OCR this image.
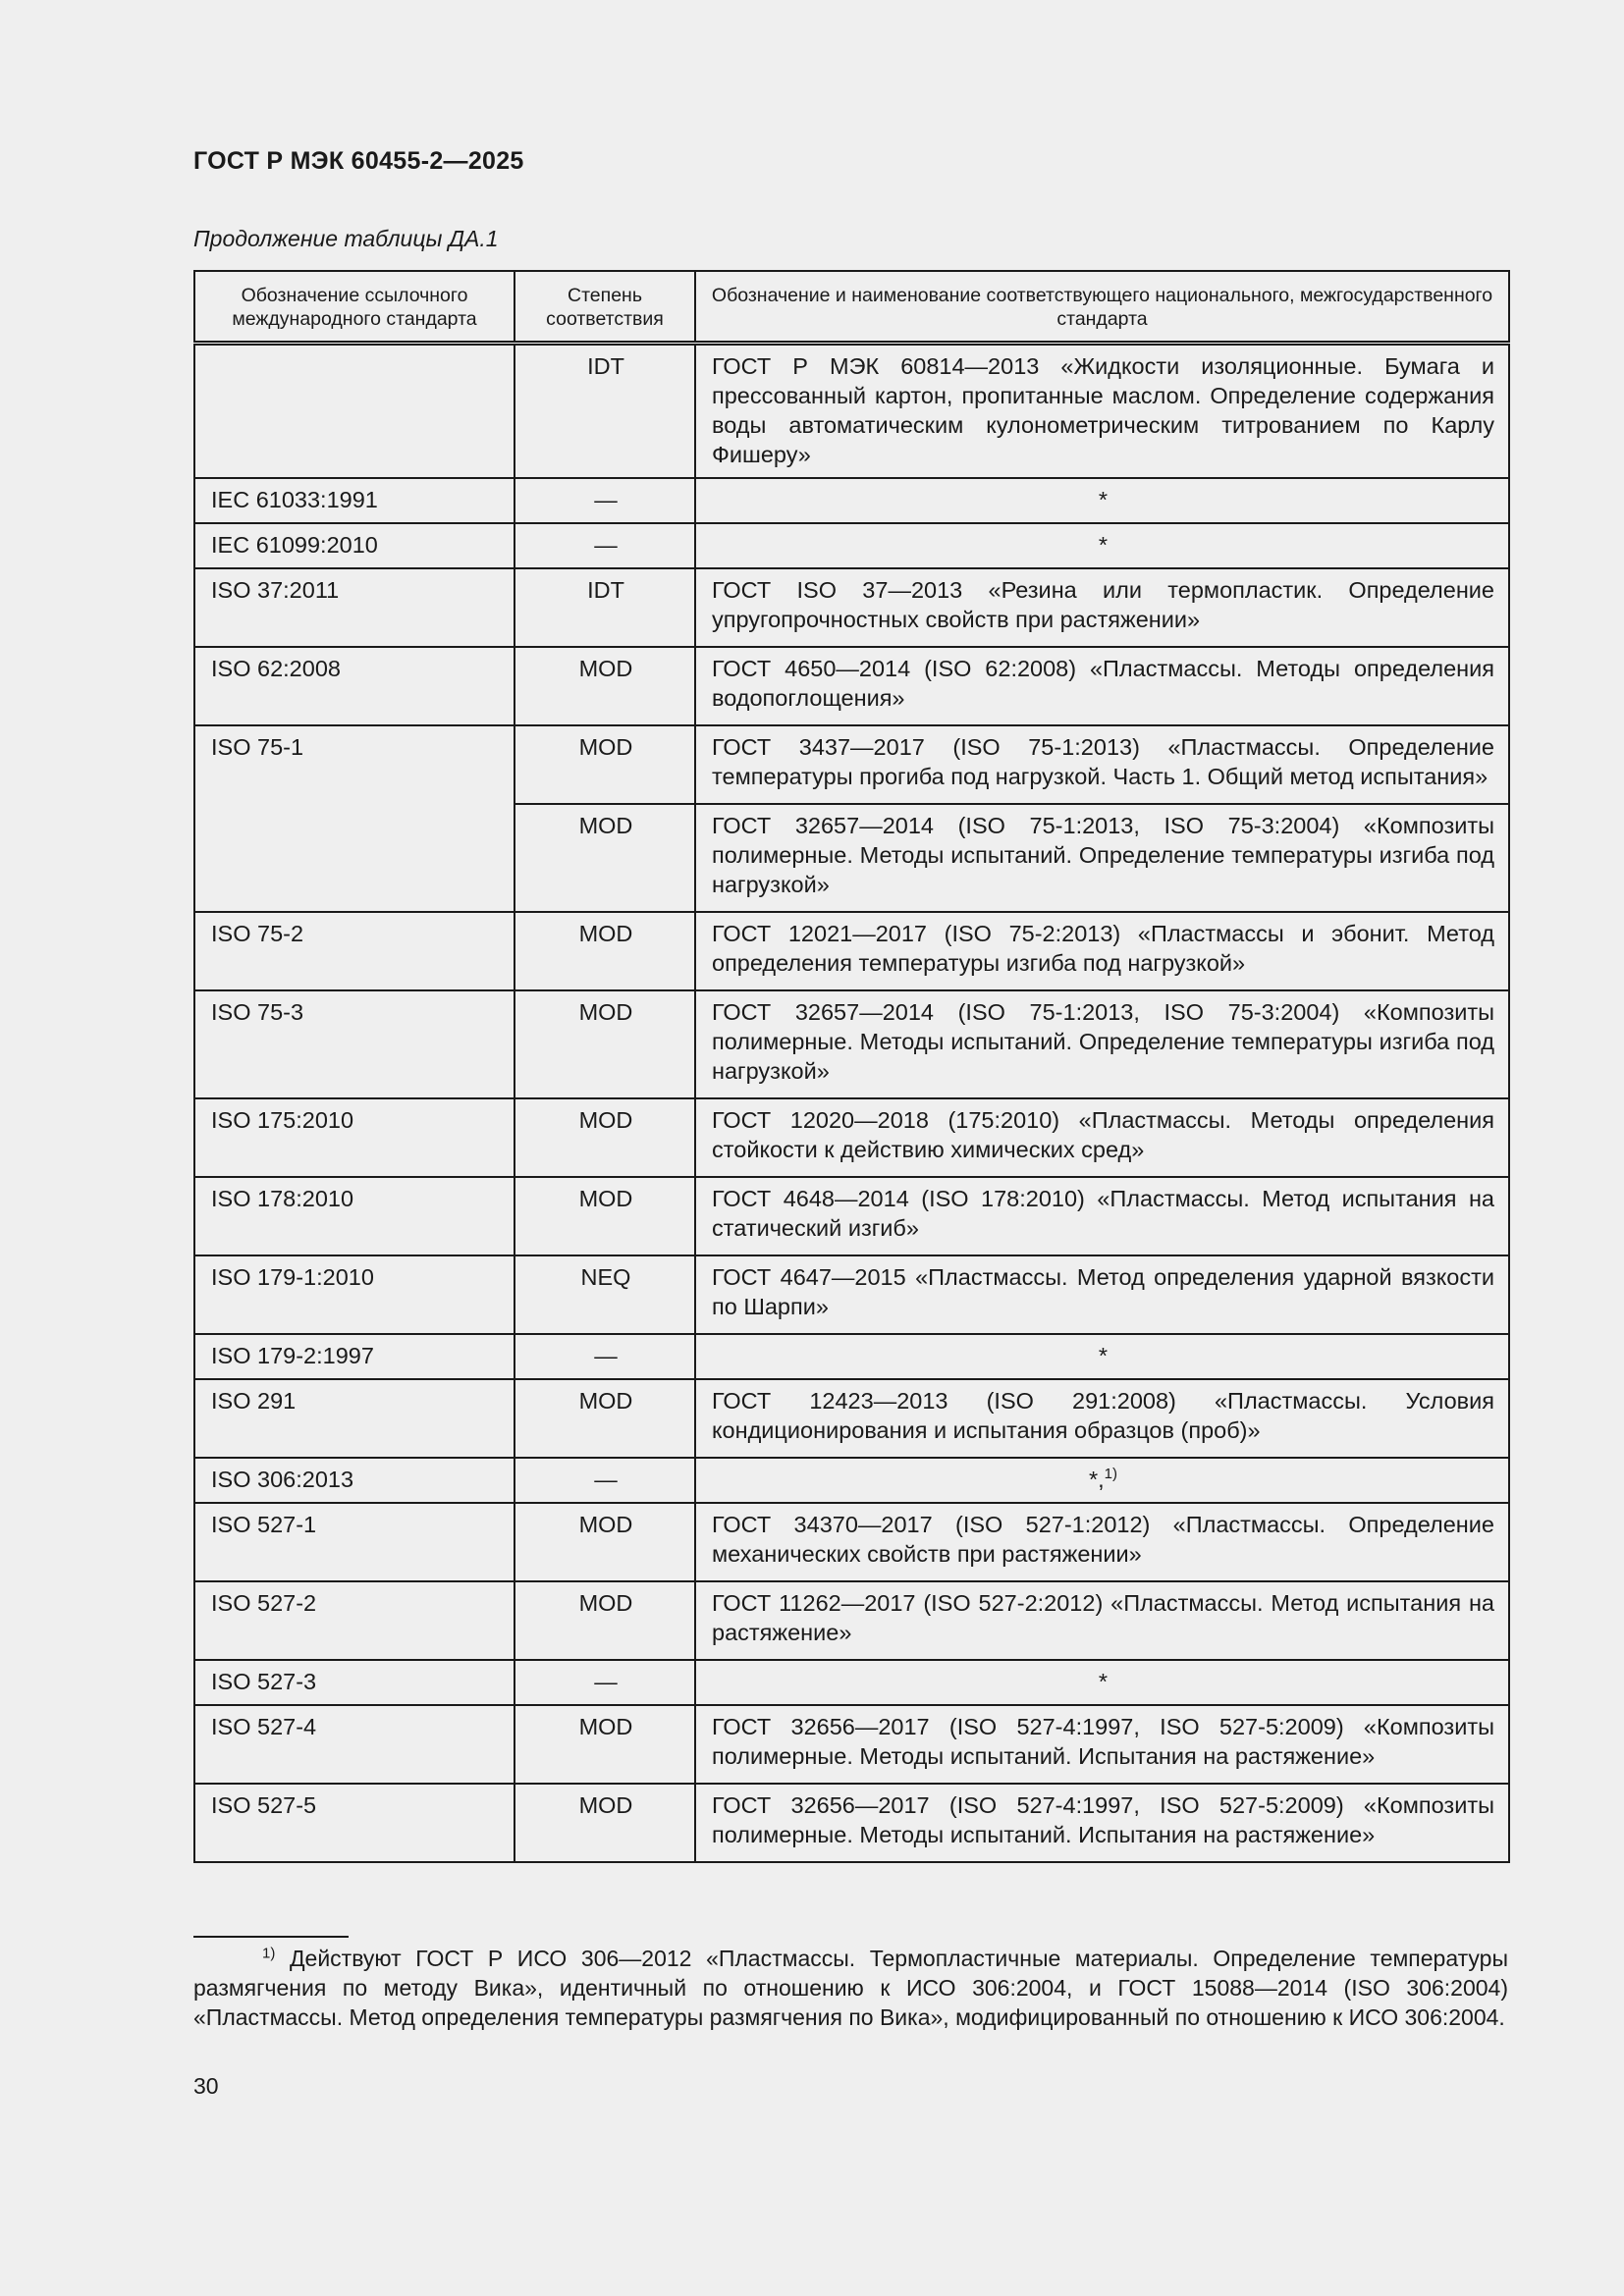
ГОСТ Р МЭК 60455-2—2025
Продолжение таблицы ДА.1
Обозначение ссылочного международного стандарта	Степень соответствия	Обозначение и наименование соответствующего национального, межгосударственного стандарта
	IDT	ГОСТ Р МЭК 60814—2013 «Жидкости изоляционные. Бумага и прессованный картон, пропитанные маслом. Определение содержания воды автоматическим кулонометрическим титрованием по Карлу Фишеру»
IEC 61033:1991	—	*
IEC 61099:2010	—	*
ISO 37:2011	IDT	ГОСТ ISO 37—2013 «Резина или термопластик. Определение упругопрочностных свойств при растяжении»
ISO 62:2008	MOD	ГОСТ 4650—2014 (ISO 62:2008) «Пластмассы. Методы определения водопоглощения»
ISO 75-1	MOD	ГОСТ 3437—2017 (ISO 75-1:2013) «Пластмассы. Определение температуры прогиба под нагрузкой. Часть 1. Общий метод испытания»
	MOD	ГОСТ 32657—2014 (ISO 75-1:2013, ISO 75-3:2004) «Композиты полимерные. Методы испытаний. Определение температуры изгиба под нагрузкой»
ISO 75-2	MOD	ГОСТ 12021—2017 (ISO 75-2:2013) «Пластмассы и эбонит. Метод определения температуры изгиба под нагрузкой»
ISO 75-3	MOD	ГОСТ 32657—2014 (ISO 75-1:2013, ISO 75-3:2004) «Композиты полимерные. Методы испытаний. Определение температуры изгиба под нагрузкой»
ISO 175:2010	MOD	ГОСТ 12020—2018 (175:2010) «Пластмассы. Методы определения стойкости к действию химических сред»
ISO 178:2010	MOD	ГОСТ 4648—2014 (ISO 178:2010) «Пластмассы. Метод испытания на статический изгиб»
ISO 179-1:2010	NEQ	ГОСТ 4647—2015 «Пластмассы. Метод определения ударной вязкости по Шарпи»
ISO 179-2:1997	—	*
ISO 291	MOD	ГОСТ 12423—2013 (ISO 291:2008) «Пластмассы. Условия кондиционирования и испытания образцов (проб)»
ISO 306:2013	—	*,$^{1)}$
ISO 527-1	MOD	ГОСТ 34370—2017 (ISO 527-1:2012) «Пластмассы. Определение механических свойств при растяжении»
ISO 527-2	MOD	ГОСТ 11262—2017 (ISO 527-2:2012) «Пластмассы. Метод испытания на растяжение»
ISO 527-3	—	*
ISO 527-4	MOD	ГОСТ 32656—2017 (ISO 527-4:1997, ISO 527-5:2009) «Композиты полимерные. Методы испытаний. Испытания на растяжение»
ISO 527-5	MOD	ГОСТ 32656—2017 (ISO 527-4:1997, ISO 527-5:2009) «Композиты полимерные. Методы испытаний. Испытания на растяжение»
$^{1)}$ Действуют ГОСТ Р ИСО 306—2012 «Пластмассы. Термопластичные материалы. Определение температуры размягчения по методу Вика», идентичный по отношению к ИСО 306:2004, и ГОСТ 15088—2014 (ISO 306:2004) «Пластмассы. Метод определения температуры размягчения по Вика», модифицированный по отношению к ИСО 306:2004.
30
